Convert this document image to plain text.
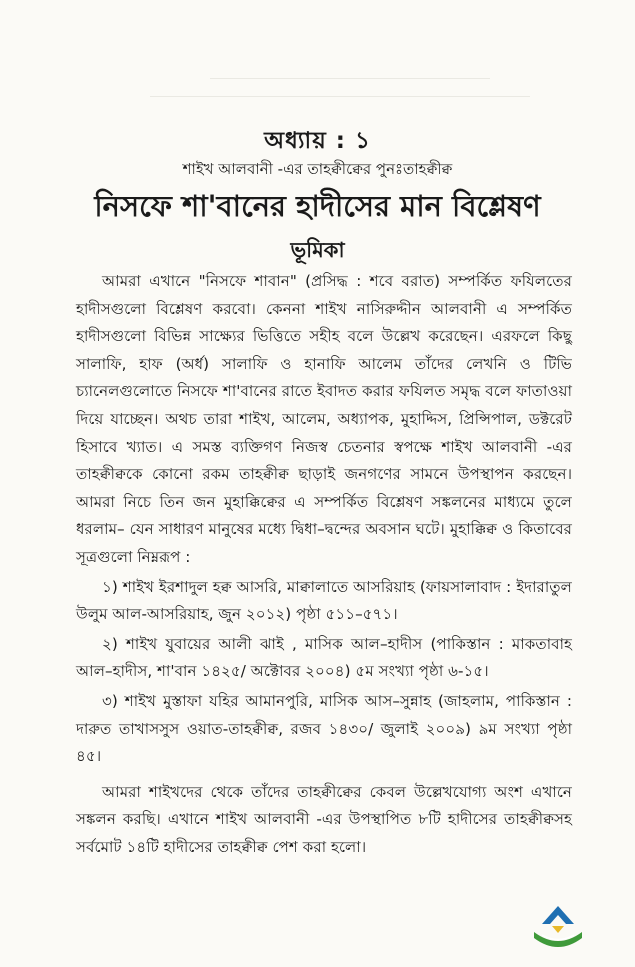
অধ্যায় : ১
শাইখ আলবানী -এর তাহক্বীক্বের পুনঃতাহক্বীক্ব
নিসফে শা'বানের হাদীসের মান বিশ্লেষণ
ভূমিকা

আমরা এখানে "নিসফে শাবান" (প্রসিদ্ধ : শবে বরাত) সম্পর্কিত ফযিলতের হাদীসগুলো বিশ্লেষণ করবো। কেননা শাইখ নাসিরুদ্দীন আলবানী এ সম্পর্কিত হাদীসগুলো বিভিন্ন সাক্ষ্যের ভিত্তিতে সহীহ বলে উল্লেখ করেছেন। এরফলে কিছু সালাফি, হাফ (অর্ধ) সালাফি ও হানাফি আলেম তাঁদের লেখনি ও টিভি চ্যানেলগুলোতে নিসফে শা'বানের রাতে ইবাদত করার ফযিলত সমৃদ্ধ বলে ফাতাওয়া দিয়ে যাচ্ছেন। অথচ তারা শাইখ, আলেম, অধ্যাপক, মুহাদ্দিস, প্রিন্সিপাল, ডক্টরেট হিসাবে খ্যাত। এ সমস্ত ব্যক্তিগণ নিজস্ব চেতনার স্বপক্ষে শাইখ আলবানী -এর তাহক্বীক্বকে কোনো রকম তাহক্বীক্ব ছাড়াই জনগণের সামনে উপস্থাপন করছেন। আমরা নিচে তিন জন মুহাক্কিক্বের এ সম্পর্কিত বিশ্লেষণ সঙ্কলনের মাধ্যমে তুলে ধরলাম– যেন সাধারণ মানুষের মধ্যে দ্বিধা–দ্বন্দের অবসান ঘটে। মুহাক্কিক্ব ও কিতাবের সূত্রগুলো নিম্নরূপ :

১) শাইখ ইরশাদুল হক্ব আসরি, মাক্বালাতে আসরিয়াহ (ফায়সালাবাদ : ইদারাতুল উলুম আল-আসরিয়াহ, জুন ২০১২) পৃষ্ঠা ৫১১–৫৭১।

২) শাইখ যুবায়ের আলী ঝাই , মাসিক আল–হাদীস (পাকিস্তান : মাকতাবাহ আল–হাদীস, শা'বান ১৪২৫/ অক্টোবর ২০০৪) ৫ম সংখ্যা পৃষ্ঠা ৬-১৫।

৩) শাইখ মুস্তাফা যহির আমানপুরি, মাসিক আস–সুন্নাহ (জাহলাম, পাকিস্তান : দারুত তাখাসসুস ওয়াত-তাহক্বীক্ব, রজব ১৪৩০/ জুলাই ২০০৯) ৯ম সংখ্যা পৃষ্ঠা ৪৫।

আমরা শাইখদের থেকে তাঁদের তাহক্বীক্বের কেবল উল্লেখযোগ্য অংশ এখানে সঙ্কলন করছি। এখানে শাইখ আলবানী -এর উপস্থাপিত ৮টি হাদীসের তাহক্বীক্বসহ সর্বমোট ১৪টি হাদীসের তাহক্বীক্ব পেশ করা হলো।
